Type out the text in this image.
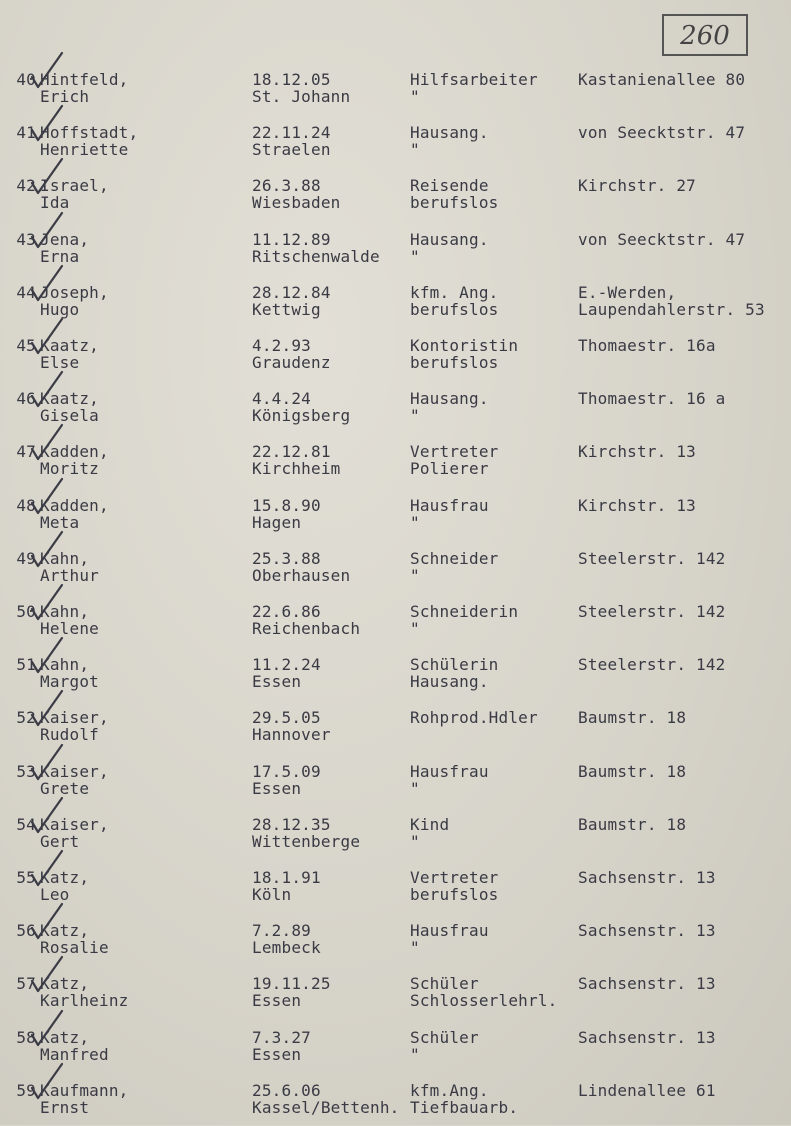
260
40 Hintfeld,
Erich
18.12.05
St. Johann
Hilfsarbeiter
"
Kastanienallee 80
41 Hoffstadt,
Henriette
22.11.24
Straelen
Hausang.
"
von Seecktstr. 47
42 Israel,
Ida
26.3.88
Wiesbaden
Reisende
berufslos
Kirchstr. 27
43 Jena,
Erna
11.12.89
Ritschenwalde
Hausang.
"
von Seecktstr. 47
44 Joseph,
Hugo
28.12.84
Kettwig
kfm. Ang.
berufslos
E.-Werden,
Laupendahlerstr. 53
45 Kaatz,
Else
4.2.93
Graudenz
Kontoristin
berufslos
Thomaestr. 16a
46 Kaatz,
Gisela
4.4.24
Königsberg
Hausang.
"
Thomaestr. 16 a
47 Kadden,
Moritz
22.12.81
Kirchheim
Vertreter
Polierer
Kirchstr. 13
48 Kadden,
Meta
15.8.90
Hagen
Hausfrau
"
Kirchstr. 13
49 Kahn,
Arthur
25.3.88
Oberhausen
Schneider
"
Steelerstr. 142
50 Kahn,
Helene
22.6.86
Reichenbach
Schneiderin
"
Steelerstr. 142
51 Kahn,
Margot
11.2.24
Essen
Schülerin
Hausang.
Steelerstr. 142
52 Kaiser,
Rudolf
29.5.05
Hannover
Rohprod.Hdler	Baumstr. 18
53 Kaiser,
Grete
17.5.09
Essen
Hausfrau
"
Baumstr. 18
54 Kaiser,
Gert
28.12.35
Wittenberge
Kind
"
Baumstr. 18
55 Katz,
Leo
18.1.91
Köln
Vertreter
berufslos
Sachsenstr. 13
56 Katz,
Rosalie
7.2.89
Lembeck
Hausfrau
"
Sachsenstr. 13
57 Katz,
Karlheinz
19.11.25
Essen
Schüler
Schlosserlehrl.
Sachsenstr. 13
58 Katz,
Manfred
7.3.27
Essen
Schüler
"
Sachsenstr. 13
59 Kaufmann,
Ernst
25.6.06
Kassel/Bettenh.
kfm.Ang.
Tiefbauarb.
Lindenallee 61
